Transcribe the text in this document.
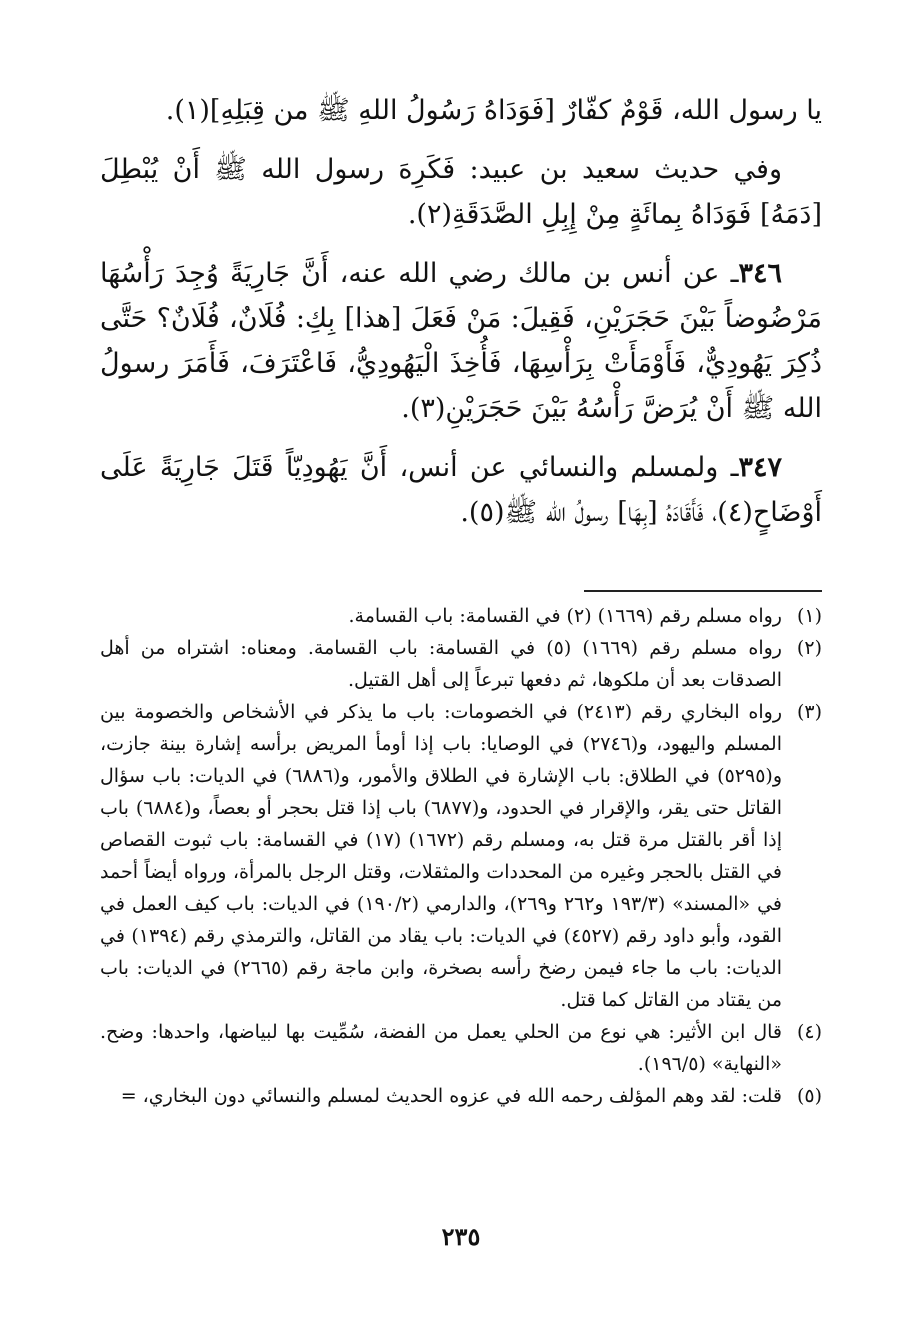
يا رسول الله، قَوْمٌ كفّارٌ [فَوَدَاهُ رَسُولُ اللهِ ﷺ من قِبَلِهِ](١).

وفي حديث سعيد بن عبيد: فَكَرِهَ رسول الله ﷺ أَنْ يُبْطِلَ [دَمَهُ] فَوَدَاهُ بِمائَةٍ مِنْ إِبِلِ الصَّدَقَةِ(٢).

٣٤٦ـ عن أنس بن مالك رضي الله عنه، أَنَّ جَارِيَةً وُجِدَ رَأْسُهَا مَرْضُوضاً بَيْنَ حَجَرَيْنِ، فَقِيلَ: مَنْ فَعَلَ [هذا] بِكِ: فُلَانٌ، فُلَانٌ؟ حَتَّى ذُكِرَ يَهُودِيٌّ، فَأَوْمَأَتْ بِرَأْسِهَا، فَأُخِذَ الْيَهُودِيُّ، فَاعْتَرَفَ، فَأَمَرَ رسولُ الله ﷺ أَنْ يُرَضَّ رَأْسُهُ بَيْنَ حَجَرَيْنِ(٣).

٣٤٧ـ ولمسلم والنسائي عن أنس، أَنَّ يَهُودِيّاً قَتَلَ جَارِيَةً عَلَى أَوْضَاحٍ(٤)، فَأَقَادَهُ [بِهَا] رسولُ الله ﷺ(٥).

(١)رواه مسلم رقم (١٦٦٩) (٢) في القسامة: باب القسامة.

(٢)رواه مسلم رقم (١٦٦٩) (٥) في القسامة: باب القسامة. ومعناه: اشتراه من أهل الصدقات بعد أن ملكوها، ثم دفعها تبرعاً إلى أهل القتيل.

(٣)رواه البخاري رقم (٢٤١٣) في الخصومات: باب ما يذكر في الأشخاص والخصومة بين المسلم واليهود، و(٢٧٤٦) في الوصايا: باب إذا أومأ المريض برأسه إشارة بينة جازت، و(٥٢٩٥) في الطلاق: باب الإشارة في الطلاق والأمور، و(٦٨٨٦) في الديات: باب سؤال القاتل حتى يقر، والإقرار في الحدود، و(٦٨٧٧) باب إذا قتل بحجر أو بعصاً، و(٦٨٨٤) باب إذا أقر بالقتل مرة قتل به، ومسلم رقم (١٦٧٢) (١٧) في القسامة: باب ثبوت القصاص في القتل بالحجر وغيره من المحددات والمثقلات، وقتل الرجل بالمرأة، ورواه أيضاً أحمد في «المسند» (١٩٣/٣ و٢٦٢ و٢٦٩)، والدارمي (١٩٠/٢) في الديات: باب كيف العمل في القود، وأبو داود رقم (٤٥٢٧) في الديات: باب يقاد من القاتل، والترمذي رقم (١٣٩٤) في الديات: باب ما جاء فيمن رضخ رأسه بصخرة، وابن ماجة رقم (٢٦٦٥) في الديات: باب من يقتاد من القاتل كما قتل.

(٤)قال ابن الأثير: هي نوع من الحلي يعمل من الفضة، سُمِّيت بها لبياضها، واحدها: وضح. «النهاية» (١٩٦/٥).

(٥)قلت: لقد وهم المؤلف رحمه الله في عزوه الحديث لمسلم والنسائي دون البخاري، =

٢٣٥
